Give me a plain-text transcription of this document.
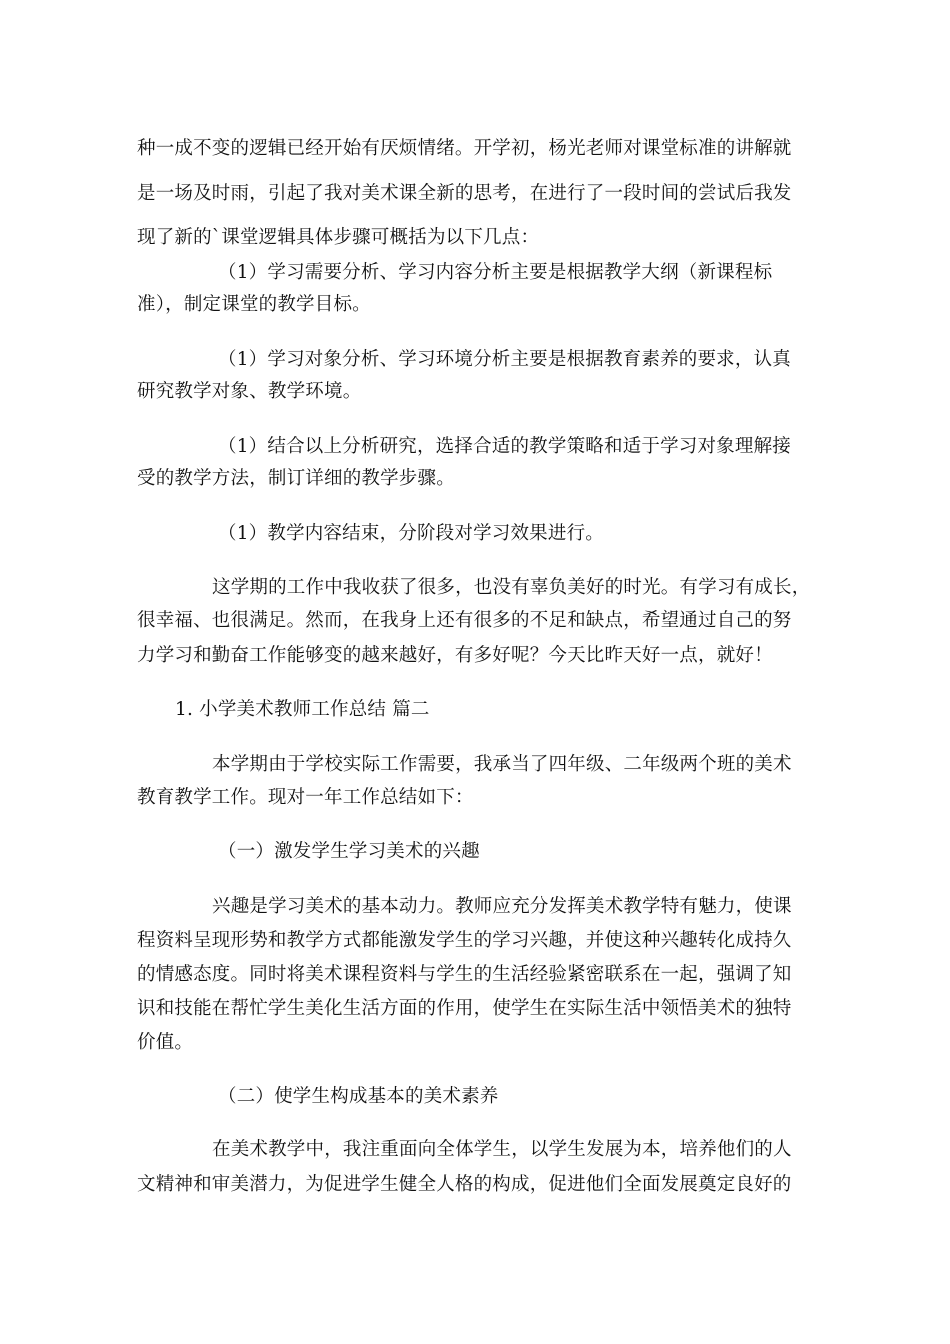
种一成不变的逻辑已经开始有厌烦情绪。开学初，杨光老师对课堂标准的讲解就
是一场及时雨，引起了我对美术课全新的思考，在进行了一段时间的尝试后我发
现了新的`课堂逻辑具体步骤可概括为以下几点：
（1）学习需要分析、学习内容分析主要是根据教学大纲（新课程标
准），制定课堂的教学目标。
（1）学习对象分析、学习环境分析主要是根据教育素养的要求，认真
研究教学对象、教学环境。
（1）结合以上分析研究，选择合适的教学策略和适于学习对象理解接
受的教学方法，制订详细的教学步骤。
（1）教学内容结束，分阶段对学习效果进行。
这学期的工作中我收获了很多，也没有辜负美好的时光。有学习有成长，
很幸福、也很满足。然而，在我身上还有很多的不足和缺点，希望通过自己的努
力学习和勤奋工作能够变的越来越好，有多好呢？今天比昨天好一点，就好！
1. 小学美术教师工作总结 篇二
本学期由于学校实际工作需要，我承当了四年级、二年级两个班的美术
教育教学工作。现对一年工作总结如下：
（一）激发学生学习美术的兴趣
兴趣是学习美术的基本动力。教师应充分发挥美术教学特有魅力，使课
程资料呈现形势和教学方式都能激发学生的学习兴趣，并使这种兴趣转化成持久
的情感态度。同时将美术课程资料与学生的生活经验紧密联系在一起，强调了知
识和技能在帮忙学生美化生活方面的作用，使学生在实际生活中领悟美术的独特
价值。
（二）使学生构成基本的美术素养
在美术教学中，我注重面向全体学生，以学生发展为本，培养他们的人
文精神和审美潜力，为促进学生健全人格的构成，促进他们全面发展奠定良好的
